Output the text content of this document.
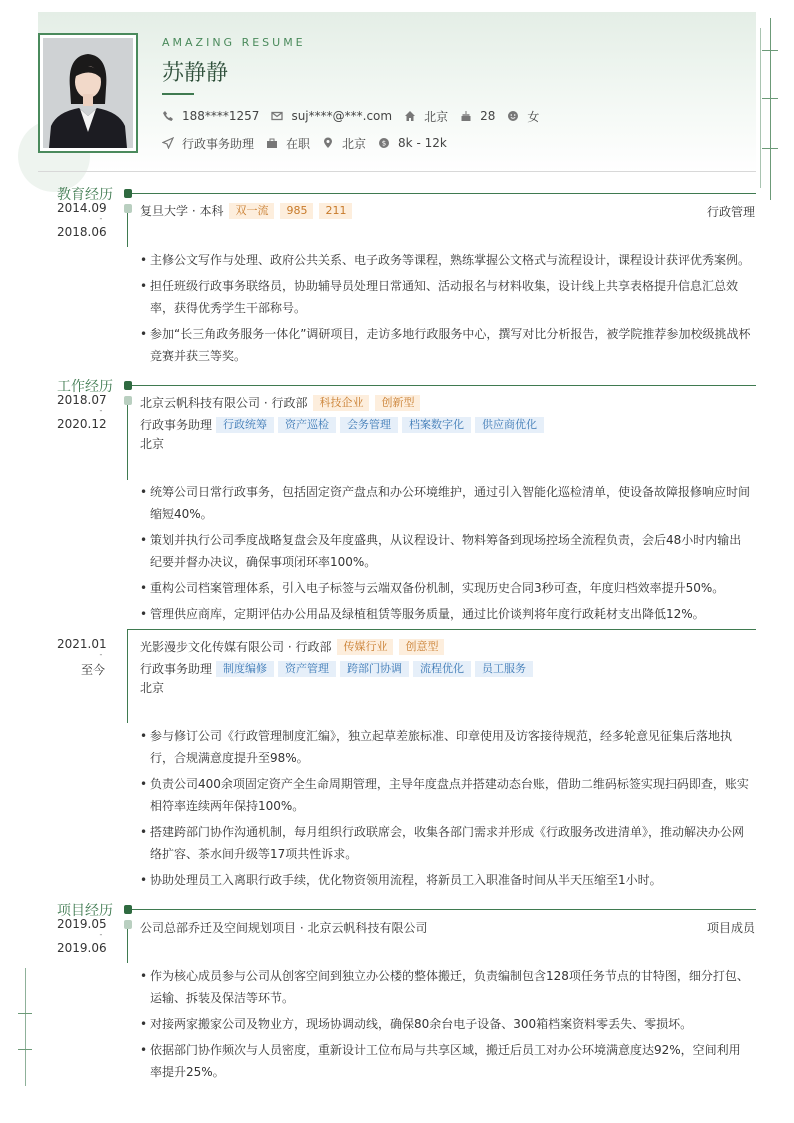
AMAZING RESUME
苏静静
188****1257	suj****@***.com	北京	28	女
行政事务助理	在职	北京 $ 8k - 12k
教育经历
2014.09
-
2018.06
复旦大学 · 本科	双一流	985	211	行政管理
• 主修公文写作与处理、政府公共关系、电子政务等课程，熟练掌握公文格式与流程设计，课程设计获评优秀案例。
• 担任班级行政事务联络员，协助辅导员处理日常通知、活动报名与材料收集，设计线上共享表格提升信息汇总效率，获得优秀学生干部称号。
• 参加“长三角政务服务一体化”调研项目，走访多地行政服务中心，撰写对比分析报告，被学院推荐参加校级挑战杯竞赛并获三等奖。
工作经历
2018.07
-
2020.12
北京云帆科技有限公司 · 行政部	科技企业	创新型
行政事务助理	行政统筹	资产巡检	会务管理	档案数字化	供应商优化
北京
• 统筹公司日常行政事务，包括固定资产盘点和办公环境维护，通过引入智能化巡检清单，使设备故障报修响应时间缩短40%。
• 策划并执行公司季度战略复盘会及年度盛典，从议程设计、物料筹备到现场控场全流程负责，会后48小时内输出纪要并督办决议，确保事项闭环率100%。
• 重构公司档案管理体系，引入电子标签与云端双备份机制，实现历史合同3秒可查，年度归档效率提升50%。
• 管理供应商库，定期评估办公用品及绿植租赁等服务质量，通过比价谈判将年度行政耗材支出降低12%。
2021.01
-
至今
光影漫步文化传媒有限公司 · 行政部	传媒行业	创意型
行政事务助理	制度编修	资产管理	跨部门协调	流程优化	员工服务
北京
• 参与修订公司《行政管理制度汇编》，独立起草差旅标准、印章使用及访客接待规范，经多轮意见征集后落地执行，合规满意度提升至98%。
• 负责公司400余项固定资产全生命周期管理，主导年度盘点并搭建动态台账，借助二维码标签实现扫码即查，账实相符率连续两年保持100%。
• 搭建跨部门协作沟通机制，每月组织行政联席会，收集各部门需求并形成《行政服务改进清单》，推动解决办公网络扩容、茶水间升级等17项共性诉求。
• 协助处理员工入离职行政手续，优化物资领用流程，将新员工入职准备时间从半天压缩至1小时。
项目经历
2019.05
-
2019.06
公司总部乔迁及空间规划项目 · 北京云帆科技有限公司	项目成员
• 作为核心成员参与公司从创客空间到独立办公楼的整体搬迁，负责编制包含128项任务节点的甘特图，细分打包、运输、拆装及保洁等环节。
• 对接两家搬家公司及物业方，现场协调动线，确保80余台电子设备、300箱档案资料零丢失、零损坏。
• 依据部门协作频次与人员密度，重新设计工位布局与共享区域，搬迁后员工对办公环境满意度达92%，空间利用率提升25%。
